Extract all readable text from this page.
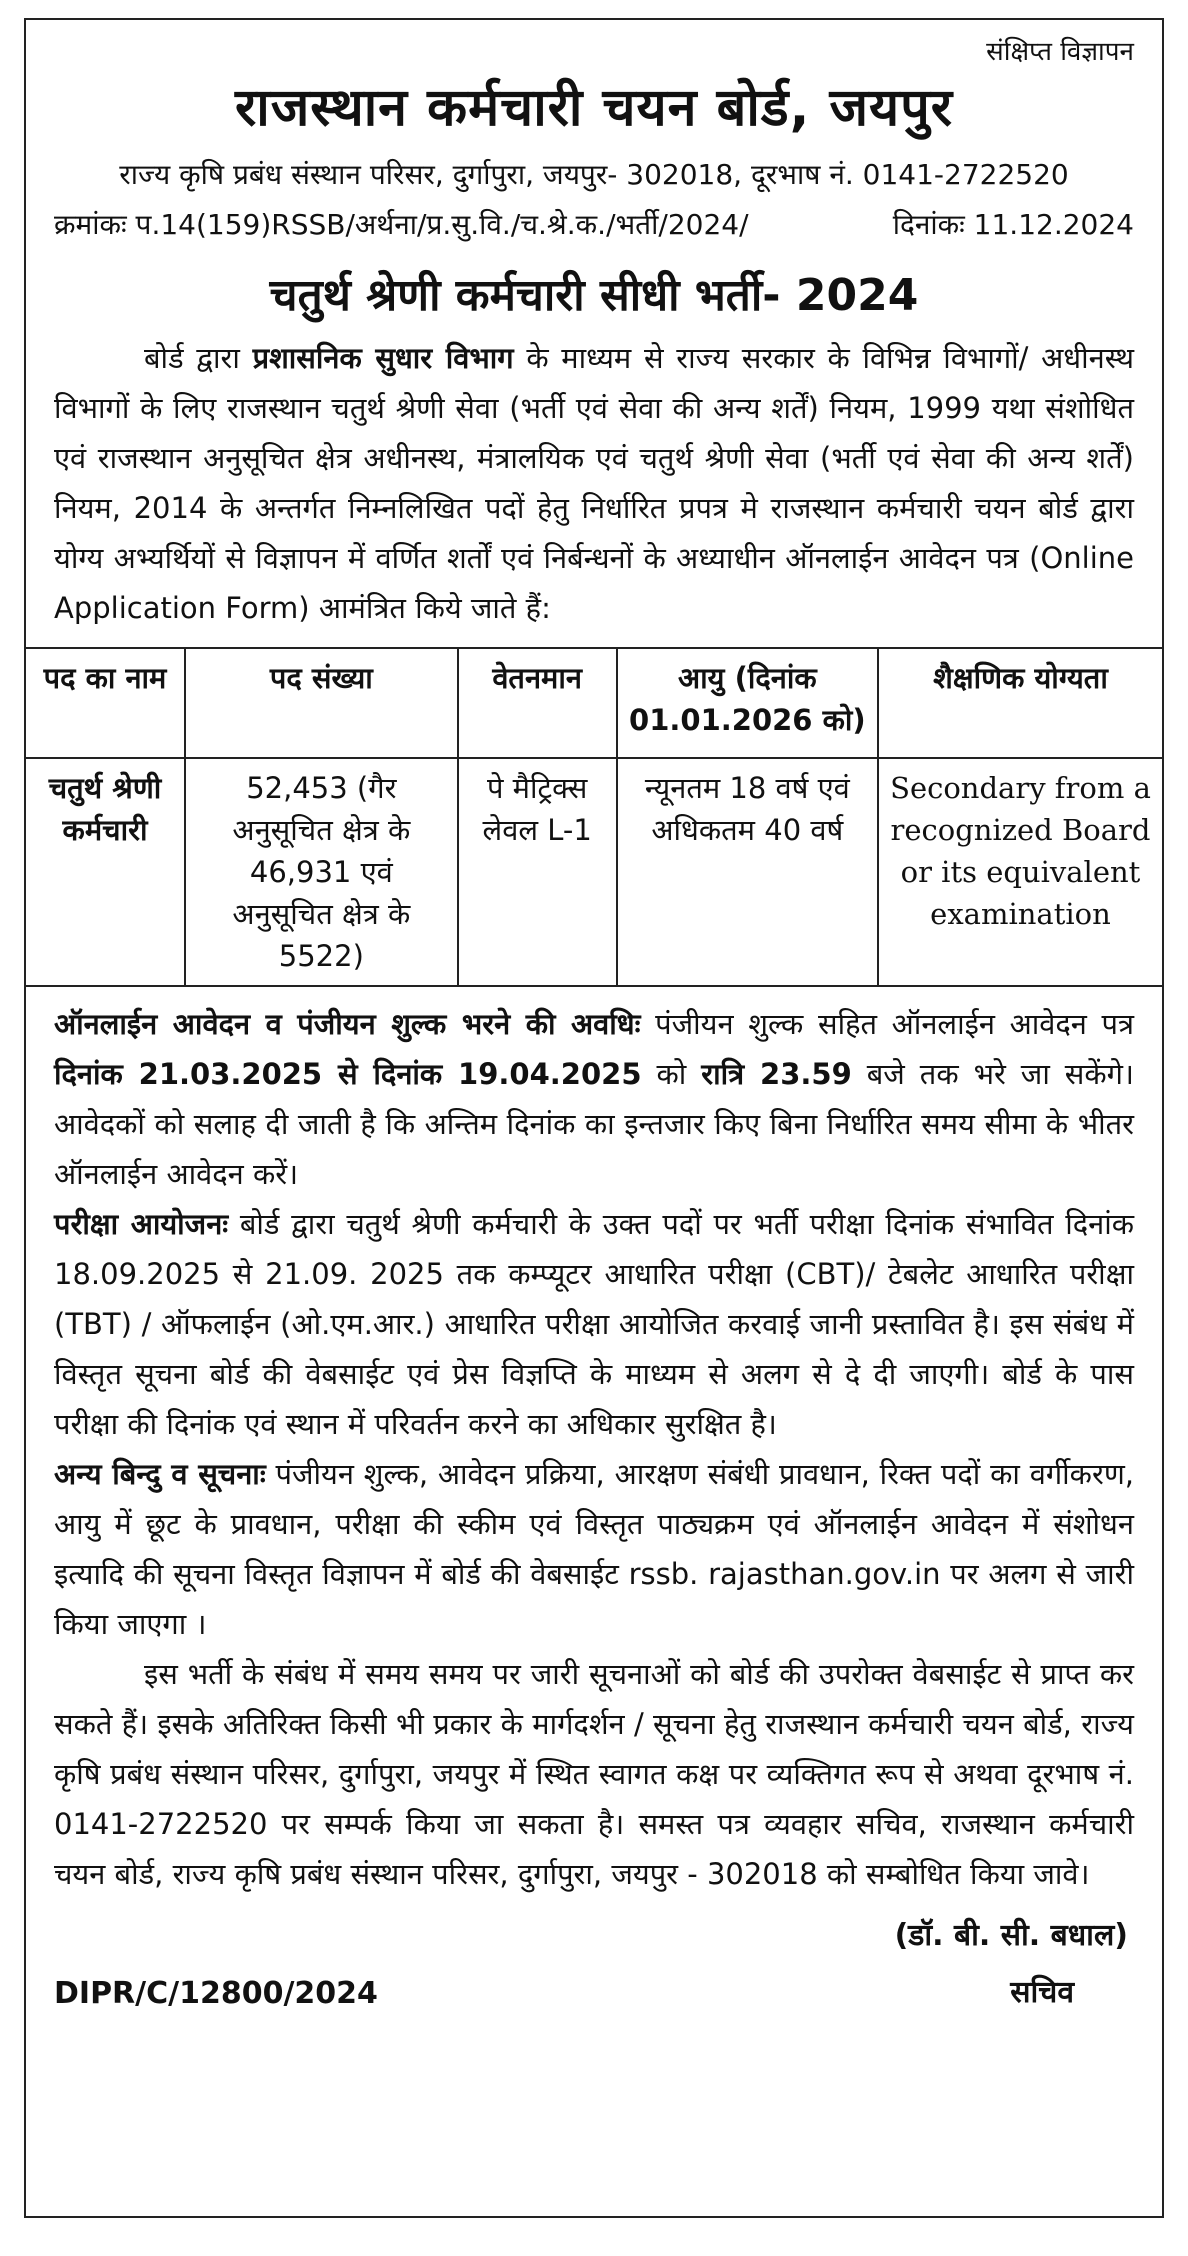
संक्षिप्त विज्ञापन
राजस्थान कर्मचारी चयन बोर्ड, जयपुर
राज्य कृषि प्रबंध संस्थान परिसर, दुर्गापुरा, जयपुर- 302018, दूरभाष नं. 0141-2722520
क्रमांकः प.14(159)RSSB/अर्थना/प्र.सु.वि./च.श्रे.क./भर्ती/2024/	दिनांकः 11.12.2024
चतुर्थ श्रेणी कर्मचारी सीधी भर्ती- 2024

बोर्ड द्वारा प्रशासनिक सुधार विभाग के माध्यम से राज्य सरकार के विभिन्न विभागों/ अधीनस्थ विभागों के लिए राजस्थान चतुर्थ श्रेणी सेवा (भर्ती एवं सेवा की अन्य शर्तें) नियम, 1999 यथा संशोधित एवं राजस्थान अनुसूचित क्षेत्र अधीनस्थ, मंत्रालयिक एवं चतुर्थ श्रेणी सेवा (भर्ती एवं सेवा की अन्य शर्तें) नियम, 2014 के अन्तर्गत निम्नलिखित पदों हेतु निर्धारित प्रपत्र मे राजस्थान कर्मचारी चयन बोर्ड द्वारा योग्य अभ्यर्थियों से विज्ञापन में वर्णित शर्तों एवं निर्बन्धनों के अध्याधीन ऑनलाईन आवेदन पत्र (Online Application Form) आमंत्रित किये जाते हैं:

पद का नाम	पद संख्या	वेतनमान	आयु (दिनांक 01.01.2026 को)	शैक्षणिक योग्यता
चतुर्थ श्रेणी कर्मचारी	52,453 (गैर अनुसूचित क्षेत्र के 46,931 एवं अनुसूचित क्षेत्र के 5522)	पे मैट्रिक्स लेवल L-1	न्यूनतम 18 वर्ष एवं अधिकतम 40 वर्ष	Secondary from a recognized Board or its equivalent examination

ऑनलाईन आवेदन व पंजीयन शुल्क भरने की अवधिः पंजीयन शुल्क सहित ऑनलाईन आवेदन पत्र दिनांक 21.03.2025 से दिनांक 19.04.2025 को रात्रि 23.59 बजे तक भरे जा सकेंगे। आवेदकों को सलाह दी जाती है कि अन्तिम दिनांक का इन्तजार किए बिना निर्धारित समय सीमा के भीतर ऑनलाईन आवेदन करें।

परीक्षा आयोजनः बोर्ड द्वारा चतुर्थ श्रेणी कर्मचारी के उक्त पदों पर भर्ती परीक्षा दिनांक संभावित दिनांक 18.09.2025 से 21.09. 2025 तक कम्प्यूटर आधारित परीक्षा (CBT)/ टेबलेट आधारित परीक्षा (TBT) / ऑफलाईन (ओ.एम.आर.) आधारित परीक्षा आयोजित करवाई जानी प्रस्तावित है। इस संबंध में विस्तृत सूचना बोर्ड की वेबसाईट एवं प्रेस विज्ञप्ति के माध्यम से अलग से दे दी जाएगी। बोर्ड के पास परीक्षा की दिनांक एवं स्थान में परिवर्तन करने का अधिकार सुरक्षित है।

अन्य बिन्दु व सूचनाः पंजीयन शुल्क, आवेदन प्रक्रिया, आरक्षण संबंधी प्रावधान, रिक्त पदों का वर्गीकरण, आयु में छूट के प्रावधान, परीक्षा की स्कीम एवं विस्तृत पाठ्यक्रम एवं ऑनलाईन आवेदन में संशोधन इत्यादि की सूचना विस्तृत विज्ञापन में बोर्ड की वेबसाईट rssb. rajasthan.gov.in पर अलग से जारी किया जाएगा ।

इस भर्ती के संबंध में समय समय पर जारी सूचनाओं को बोर्ड की उपरोक्त वेबसाईट से प्राप्त कर सकते हैं। इसके अतिरिक्त किसी भी प्रकार के मार्गदर्शन / सूचना हेतु राजस्थान कर्मचारी चयन बोर्ड, राज्य कृषि प्रबंध संस्थान परिसर, दुर्गापुरा, जयपुर में स्थित स्वागत कक्ष पर व्यक्तिगत रूप से अथवा दूरभाष नं. 0141-2722520 पर सम्पर्क किया जा सकता है। समस्त पत्र व्यवहार सचिव, राजस्थान कर्मचारी चयन बोर्ड, राज्य कृषि प्रबंध संस्थान परिसर, दुर्गापुरा, जयपुर - 302018 को सम्बोधित किया जावे।

(डॉ. बी. सी. बधाल)
DIPR/C/12800/2024	सचिव
